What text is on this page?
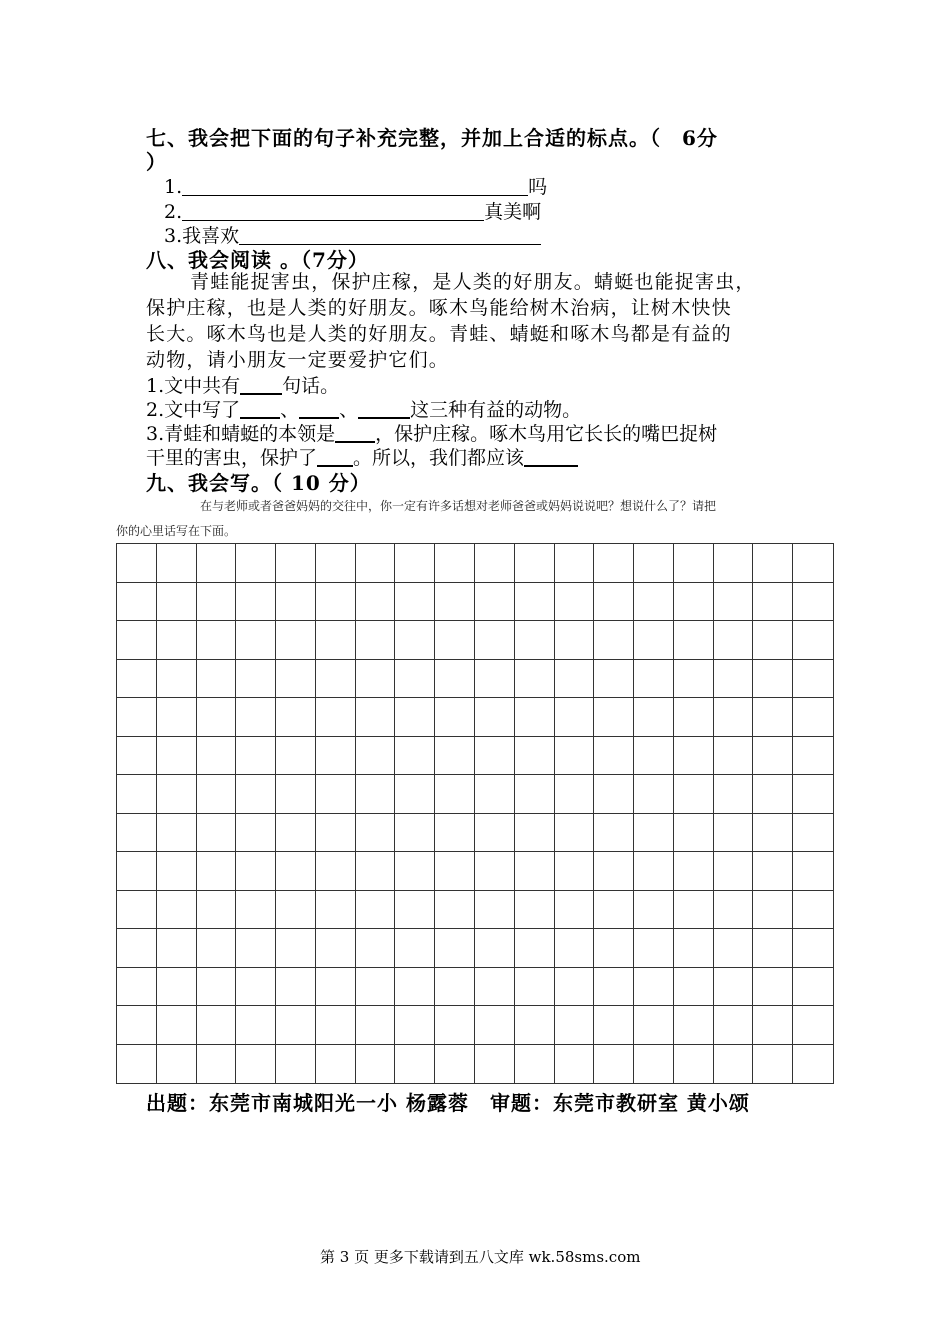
七、我会把下面的句子补充完整，并加上合适的标点。（　6分
）
1.	吗
2.	真美啊
3.我喜欢
八、我会阅读 。（7分）
青蛙能捉害虫，保护庄稼，是人类的好朋友。蜻蜓也能捉害虫，
保护庄稼，也是人类的好朋友。啄木鸟能给树木治病，让树木快快
长大。啄木鸟也是人类的好朋友。青蛙、蜻蜓和啄木鸟都是有益的
动物，请小朋友一定要爱护它们。
1.文中共有 句话。
2.文中写了 、 、	这三种有益的动物。
3.青蛙和蜻蜓的本领是 ，保护庄稼。啄木鸟用它长长的嘴巴捉树
干里的害虫，保护了 。所以，我们都应该
九、我会写。（ 10 分）
在与老师或者爸爸妈妈的交往中，你一定有许多话想对老师爸爸或妈妈说说吧？想说什么了？请把
你的心里话写在下面。
出题：东莞市南城阳光一小 杨露蓉　审题：东莞市教研室 黄小颂
第 3 页 更多下载请到五八文库 wk.58sms.com
